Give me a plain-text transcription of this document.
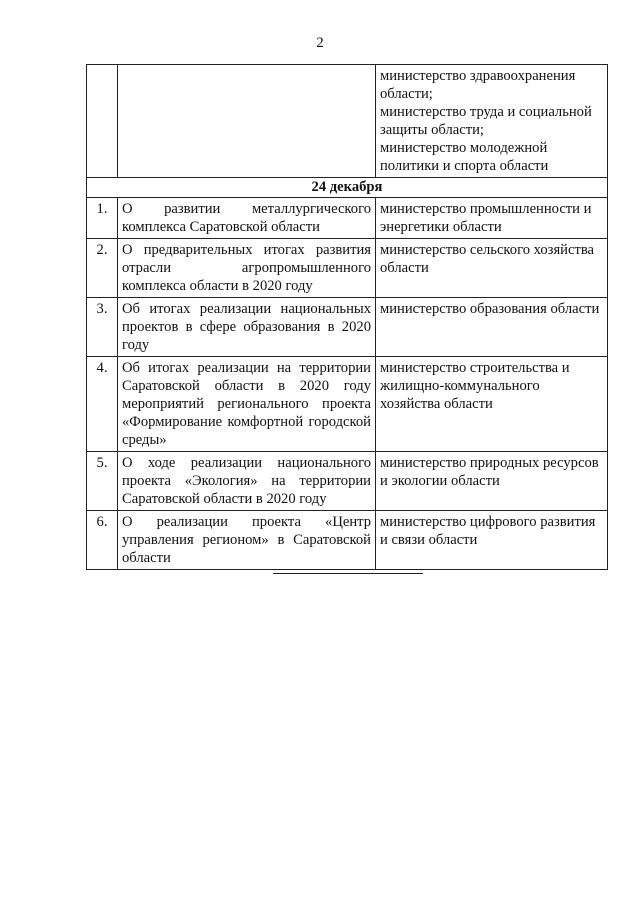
2

		министерство здравоохранения области;
министерство труда и социальной защиты области;
министерство молодежной политики и спорта области

24 декабря		
1.	О развитии металлургического комплекса Саратовской области	министерство промышленности и энергетики области
2.	О предварительных итогах развития отрасли агропромышленного комплекса области в 2020 году	министерство сельского хозяйства области
3.	Об итогах реализации национальных проектов в сфере образования в 2020 году	министерство образования области
4.	Об итогах реализации на территории Саратовской области в 2020 году мероприятий регионального проекта «Формирование комфортной городской среды»	министерство строительства и жилищно-коммунального хозяйства области
5.	О ходе реализации национального проекта «Экология» на территории Саратовской области в 2020 году	министерство природных ресурсов и экологии области
6.	О реализации проекта «Центр управления регионом» в Саратовской области	министерство цифрового развития и связи области
